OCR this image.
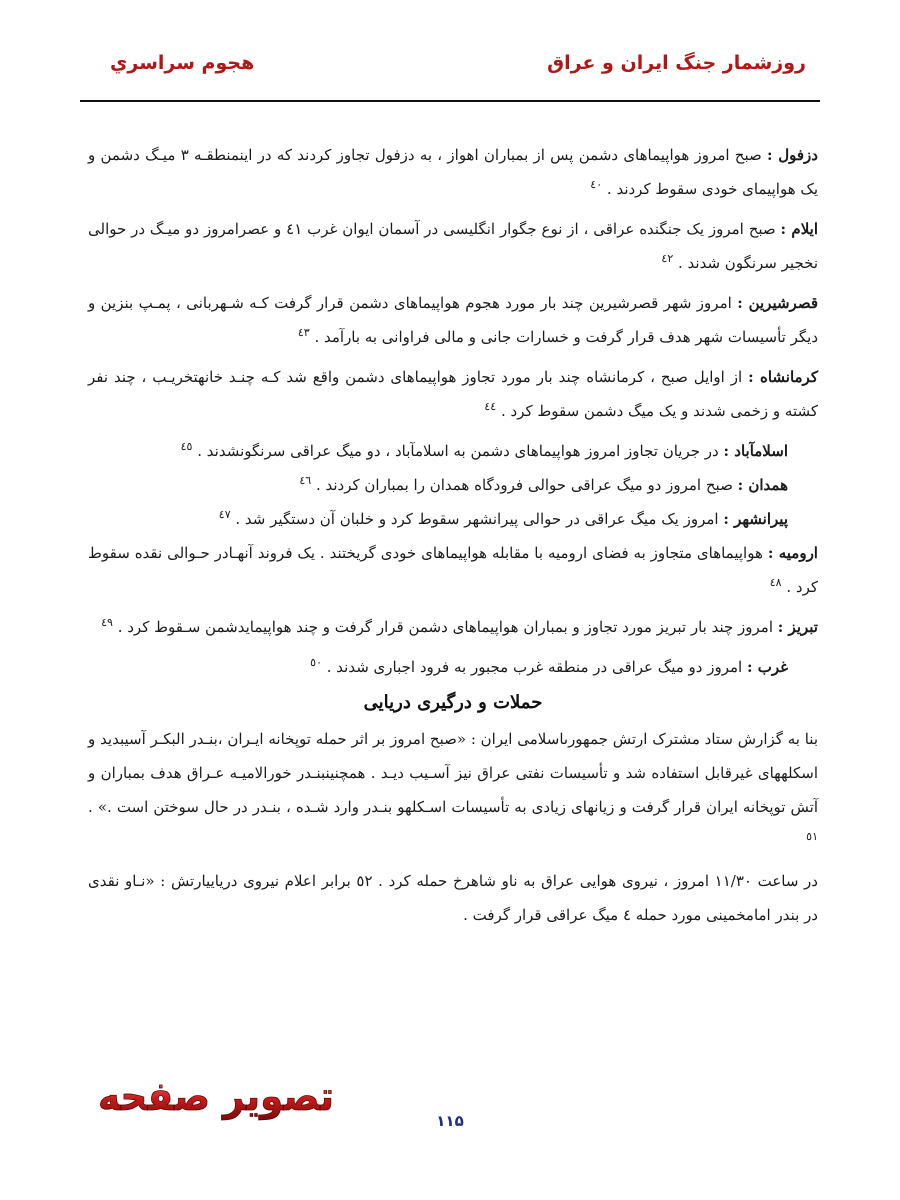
روزشمار جنگ ايران و عراق
هجوم سراسري

دزفول : صبح امروز هواپيماهاى دشمن پس از بمباران اهواز ، به دزفول تجاوز كردند كه در اينمنطقـه ٣ ميـگ دشمن و يک هواپيماى خودى سقوط كردند . $^{٤٠}$

ايلام : صبح امروز يک جنگنده عراقى ، از نوع جگوار انگليسى در آسمان ايوان غرب ٤١ و عصرامروز دو ميـگ در حوالى نخجير سرنگون شدند . $^{٤٢}$

قصرشيرين : امروز شهر قصرشيرين چند بار مورد هجوم هواپيماهاى دشمن قرار گرفت كـه شـهربانى ، پمـپ بنزين و ديگر تأسيسات شهر هدف قرار گرفت و خسارات جانى و مالى فراوانى به بارآمد . $^{٤٣}$

كرمانشاه : از اوايل صبح ، كرمانشاه چند بار مورد تجاوز هواپيماهاى دشمن واقع شد كـه چنـد خانهتخريـب ، چند نفر كشته و زخمى شدند و يک ميگ دشمن سقوط كرد . $^{٤٤}$

اسلامآباد : در جريان تجاوز امروز هواپيماهاى دشمن به اسلامآباد ، دو ميگ عراقى سرنگونشدند . $^{٤٥}$

همدان : صبح امروز دو ميگ عراقى حوالى فرودگاه همدان را بمباران كردند . $^{٤٦}$

پيرانشهر : امروز يک ميگ عراقى در حوالى پيرانشهر سقوط كرد و خلبان آن دستگير شد . $^{٤٧}$

اروميه : هواپيماهاى متجاوز به فضاى اروميه با مقابله هواپيماهاى خودى گريختند . يک فروند آنهـادر حـوالى نقده سقوط كرد . $^{٤٨}$

تبريز : امروز چند بار تبريز مورد تجاوز و بمباران هواپيماهاى دشمن قرار گرفت و چند هواپيمايدشمن سـقوط كرد . $^{٤٩}$

غرب : امروز دو ميگ عراقى در منطقه غرب مجبور به فرود اجبارى شدند . $^{٥٠}$

حملات و درگيرى دريايى

بنا به گزارش ستاد مشترک ارتش جمهورىاسلامى ايران : «صبح امروز بر اثر حمله توپخانه ايـران ،بنـدر البكـر آسيبديد و اسكلههاى غيرقابل استفاده شد و تأسيسات نفتى عراق نيز آسـيب ديـد . همچنينبنـدر خورالاميـه عـراق هدف بمباران و آتش توپخانه ايران قرار گرفت و زيانهاى زيادى به تأسيسات اسـكلهو بنـدر وارد شـده ، بنـدر در حال سوختن است .» . $^{٥١}$

در ساعت ١١/٣٠ امروز ، نيروى هوايى عراق به ناو شاهرخ حمله كرد . ٥٢ برابر اعلام نيروى درياييارتش : «نـاو نقدى در بندر امامخمينى مورد حمله ٤ ميگ عراقى قرار گرفت .

تصوير صفحه
١١۵
